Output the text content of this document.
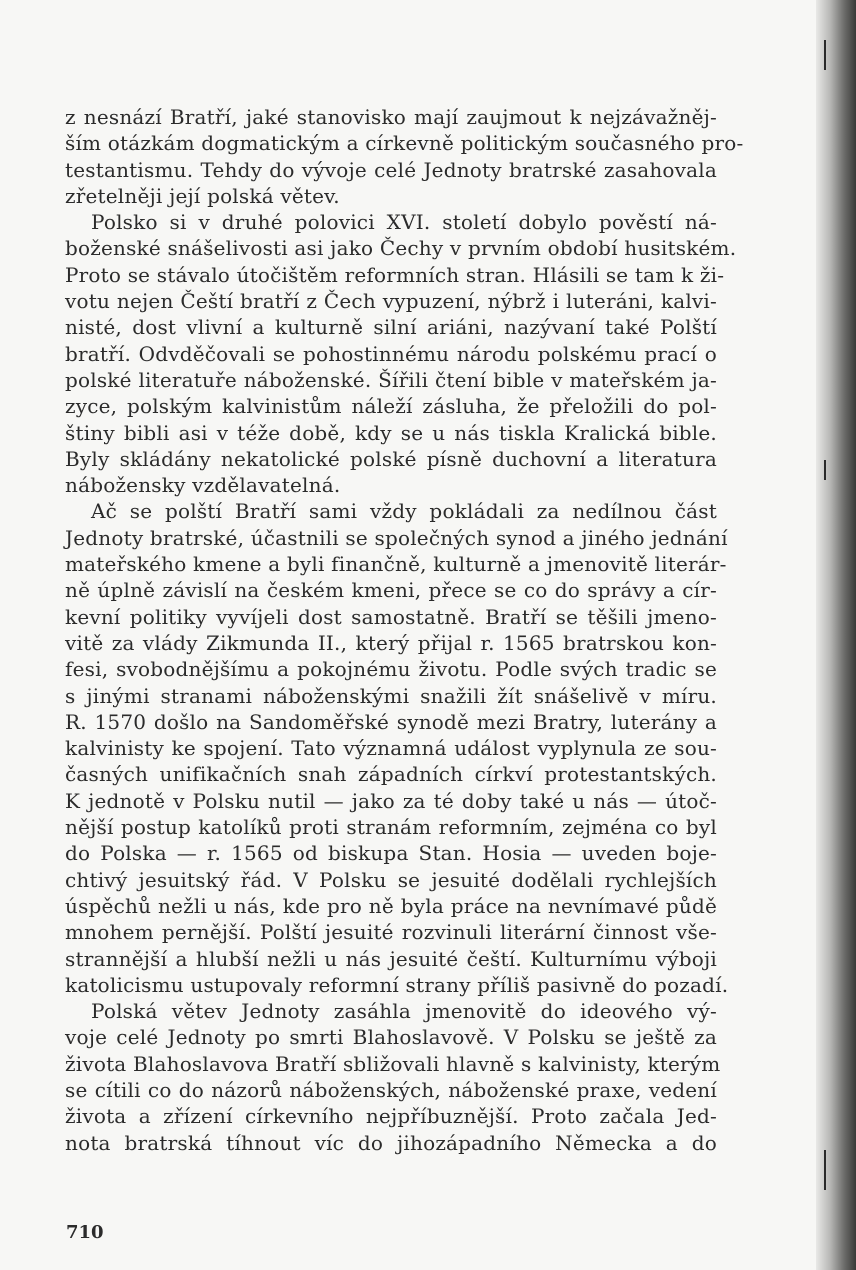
z nesnází Bratří, jaké stanovisko mají zaujmout k nejzávažněj-
ším otázkám dogmatickým a církevně politickým současného pro-
testantismu. Tehdy do vývoje celé Jednoty bratrské zasahovala
zřetelněji její polská větev.
Polsko si v druhé polovici XVI. století dobylo pověstí ná-
boženské snášelivosti asi jako Čechy v prvním období husitském.
Proto se stávalo útočištěm reformních stran. Hlásili se tam k ži-
votu nejen Čeští bratří z Čech vypuzení, nýbrž i luteráni, kalvi-
nisté, dost vlivní a kulturně silní ariáni, nazývaní také Polští
bratří. Odvděčovali se pohostinnému národu polskému prací o
polské literatuře náboženské. Šířili čtení bible v mateřském ja-
zyce, polským kalvinistům náleží zásluha, že přeložili do pol-
štiny bibli asi v téže době, kdy se u nás tiskla Kralická bible.
Byly skládány nekatolické polské písně duchovní a literatura
nábožensky vzdělavatelná.
Ač se polští Bratří sami vždy pokládali za nedílnou část
Jednoty bratrské, účastnili se společných synod a jiného jednání
mateřského kmene a byli finančně, kulturně a jmenovitě literár-
ně úplně závislí na českém kmeni, přece se co do správy a cír-
kevní politiky vyvíjeli dost samostatně. Bratří se těšili jmeno-
vitě za vlády Zikmunda II., který přijal r. 1565 bratrskou kon-
fesi, svobodnějšímu a pokojnému životu. Podle svých tradic se
s jinými stranami náboženskými snažili žít snášelivě v míru.
R. 1570 došlo na Sandoměřské synodě mezi Bratry, luterány a
kalvinisty ke spojení. Tato významná událost vyplynula ze sou-
časných unifikačních snah západních církví protestantských.
K jednotě v Polsku nutil — jako za té doby také u nás — útoč-
nější postup katolíků proti stranám reformním, zejména co byl
do Polska — r. 1565 od biskupa Stan. Hosia — uveden boje-
chtivý jesuitský řád. V Polsku se jesuité dodělali rychlejších
úspěchů nežli u nás, kde pro ně byla práce na nevnímavé půdě
mnohem pernější. Polští jesuité rozvinuli literární činnost vše-
strannější a hlubší nežli u nás jesuité čeští. Kulturnímu výboji
katolicismu ustupovaly reformní strany příliš pasivně do pozadí.
Polská větev Jednoty zasáhla jmenovitě do ideového vý-
voje celé Jednoty po smrti Blahoslavově. V Polsku se ještě za
života Blahoslavova Bratří sbližovali hlavně s kalvinisty, kterým
se cítili co do názorů náboženských, náboženské praxe, vedení
života a zřízení církevního nejpříbuznější. Proto začala Jed-
nota bratrská tíhnout víc do jihozápadního Německa a do
710
